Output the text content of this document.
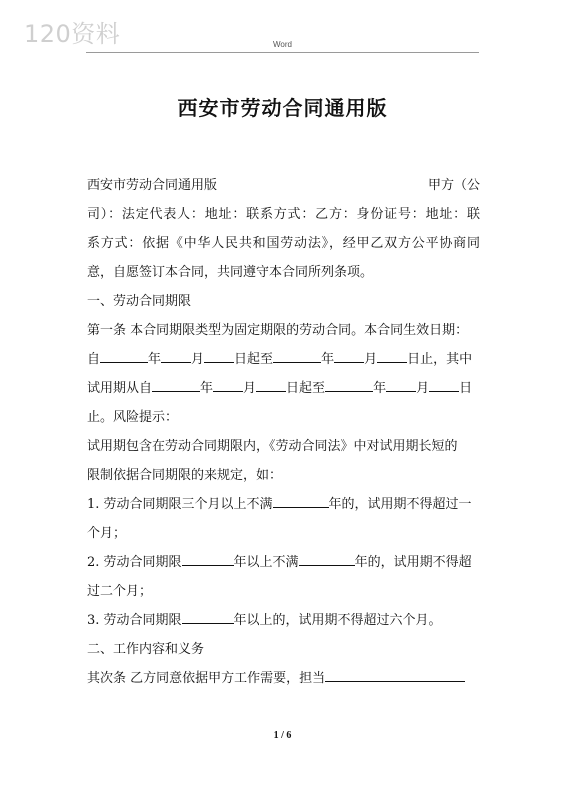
120资料	Word
西安市劳动合同通用版

西安市劳动合同通用版	甲方（公

司）：法定代表人：地址：联系方式：乙方：身份证号：地址：联

系方式：依据《中华人民共和国劳动法》，经甲乙双方公平协商同

意，自愿签订本合同，共同遵守本合同所列条项。

一、劳动合同期限

第一条 本合同期限类型为固定期限的劳动合同。本合同生效日期：

自	年 月 日起至	年 月 日止，其中

试用期从自	年 月 日起至	年 月 日

止。风险提示：

试用期包含在劳动合同期限内，《劳动合同法》中对试用期长短的

限制依据合同期限的来规定，如：

1. 劳动合同期限三个月以上不满	年的，试用期不得超过一

个月；

2. 劳动合同期限	年以上不满	年的，试用期不得超

过二个月；

3. 劳动合同期限	年以上的，试用期不得超过六个月。

二、工作内容和义务

其次条 乙方同意依据甲方工作需要，担当

1 / 6
